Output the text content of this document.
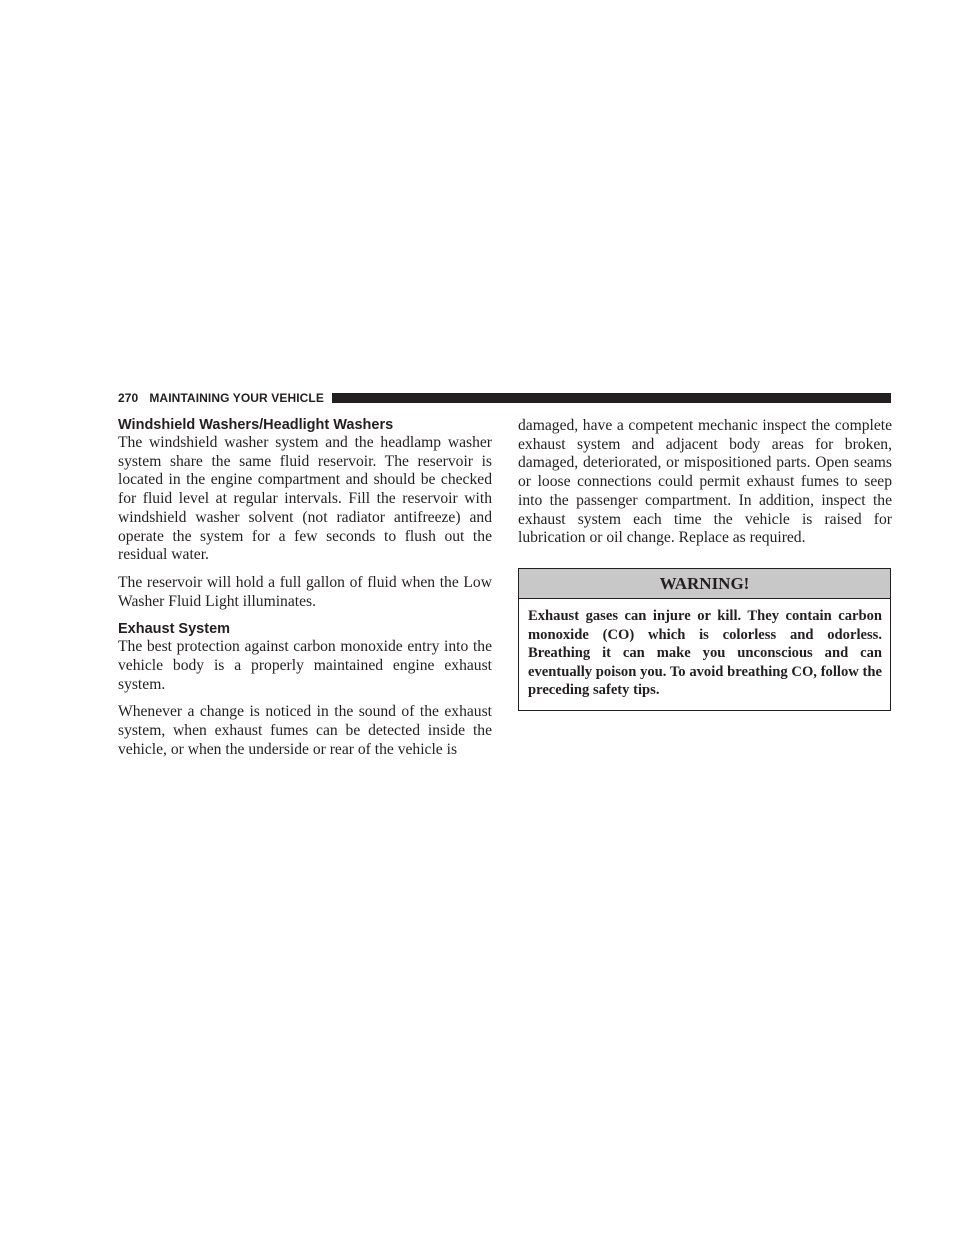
270 MAINTAINING YOUR VEHICLE
Windshield Washers/Headlight Washers

The windshield washer system and the headlamp washer system share the same fluid reservoir. The reservoir is located in the engine compartment and should be checked for fluid level at regular intervals. Fill the reservoir with windshield washer solvent (not radiator antifreeze) and operate the system for a few seconds to flush out the residual water.

The reservoir will hold a full gallon of fluid when the Low Washer Fluid Light illuminates.

Exhaust System

The best protection against carbon monoxide entry into the vehicle body is a properly maintained engine exhaust system.

Whenever a change is noticed in the sound of the exhaust system, when exhaust fumes can be detected inside the vehicle, or when the underside or rear of the vehicle is

damaged, have a competent mechanic inspect the complete exhaust system and adjacent body areas for broken, damaged, deteriorated, or mispositioned parts. Open seams or loose connections could permit exhaust fumes to seep into the passenger compartment. In addition, inspect the exhaust system each time the vehicle is raised for lubrication or oil change. Replace as required.

WARNING!
Exhaust gases can injure or kill. They contain carbon monoxide (CO) which is colorless and odorless. Breathing it can make you unconscious and can eventually poison you. To avoid breathing CO, follow the preceding safety tips.
